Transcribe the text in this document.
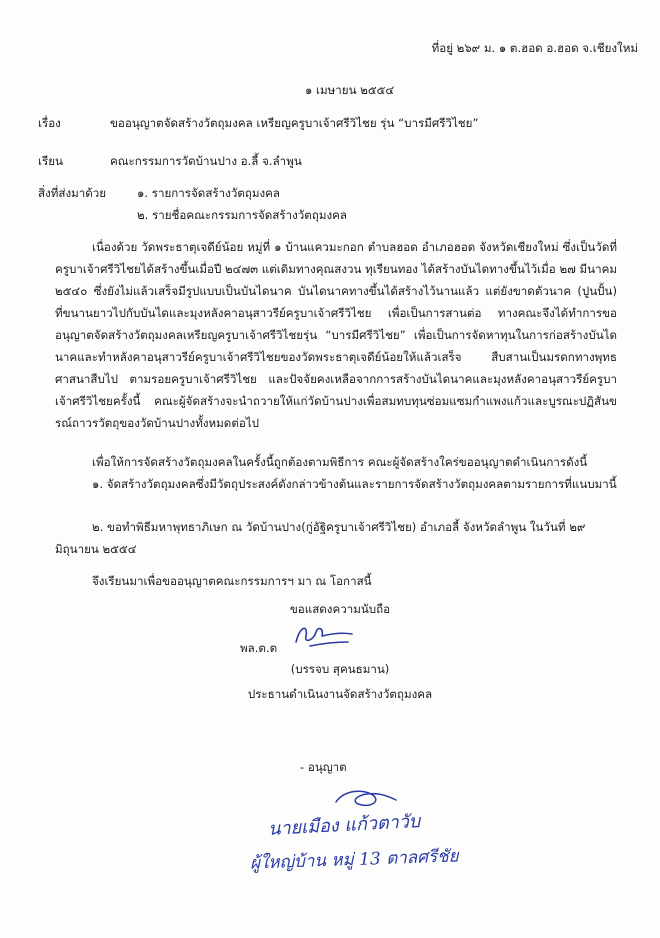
ที่อยู่ ๒๖๙ ม. ๑ ต.ฮอด อ.ฮอด จ.เชียงใหม่
๑ เมษายน ๒๕๕๔
เรื่อง	ขออนุญาตจัดสร้างวัตถุมงคล เหรียญครูบาเจ้าศรีวิไชย รุ่น “บารมีศรีวิไชย”
เรียน	คณะกรรมการวัดบ้านปาง อ.ลี้ จ.ลำพูน
สิ่งที่ส่งมาด้วย	๑. รายการจัดสร้างวัตถุมงคล
๒. รายชื่อคณะกรรมการจัดสร้างวัตถุมงคล
เนื่องด้วย วัดพระธาตุเจดีย์น้อย หมู่ที่ ๑ บ้านแควมะกอก ตำบลฮอด อำเภอฮอด จังหวัดเชียงใหม่ ซึ่งเป็นวัดที่ครูบาเจ้าศรีวิไชยได้สร้างขึ้นเมื่อปี ๒๔๗๓ แต่เดิมทางคุณสงวน ทุเรียนทอง ได้สร้างบันไดทางขึ้นไว้เมื่อ ๒๗ มีนาคม ๒๕๔๐ ซึ่งยังไม่แล้วเสร็จมีรูปแบบเป็นบันไดนาค บันไดนาคทางขึ้นได้สร้างไว้นานแล้ว แต่ยังขาดตัวนาค (ปูนปั้น) ที่ขนานยาวไปกับบันไดและมุงหลังคาอนุสาวรีย์ครูบาเจ้าศรีวิไชย เพื่อเป็นการสานต่อ ทางคณะจึงได้ทำการขออนุญาตจัดสร้างวัตถุมงคลเหรียญครูบาเจ้าศรีวิไชยรุ่น “บารมีศรีวิไชย” เพื่อเป็นการจัดหาทุนในการก่อสร้างบันไดนาคและทำหลังคาอนุสาวรีย์ครูบาเจ้าศรีวิไชยของวัดพระธาตุเจดีย์น้อยให้แล้วเสร็จ สืบสานเป็นมรดกทางพุทธศาสนาสืบไป ตามรอยครูบาเจ้าศรีวิไชย และปัจจัยคงเหลือจากการสร้างบันไดนาคและมุงหลังคาอนุสาวรีย์ครูบาเจ้าศรีวิไชยครั้งนี้ คณะผู้จัดสร้างจะนำถวายให้แก่วัดบ้านปางเพื่อสมทบทุนซ่อมแซมกำแพงแก้วและบูรณะปฏิสันขรณ์ถาวรวัตถุของวัดบ้านปางทั้งหมดต่อไป
เพื่อให้การจัดสร้างวัตถุมงคลในครั้งนี้ถูกต้องตามพิธีการ คณะผู้จัดสร้างใคร่ขออนุญาตดำเนินการดังนี้
๑. จัดสร้างวัตถุมงคลซึ่งมีวัตถุประสงค์ดังกล่าวข้างต้นและรายการจัดสร้างวัตถุมงคลตามรายการที่แนบมานี้
๒. ขอทำพิธีมหาพุทธาภิเษก ณ วัดบ้านปาง(กู่อัฐิครูบาเจ้าศรีวิไชย) อำเภอลี้ จังหวัดลำพูน ในวันที่ ๒๙ มิถุนายน ๒๕๕๔
จึงเรียนมาเพื่อขออนุญาตคณะกรรมการฯ มา ณ โอกาสนี้
ขอแสดงความนับถือ
พล.ต.ต
(บรรจบ สุคนธมาน)
ประธานดำเนินงานจัดสร้างวัตถุมงคล
- อนุญาต
นายเมือง แก้วตาวับ
ผู้ใหญ่บ้าน หมู่ 13 ตาลศรีชัย
